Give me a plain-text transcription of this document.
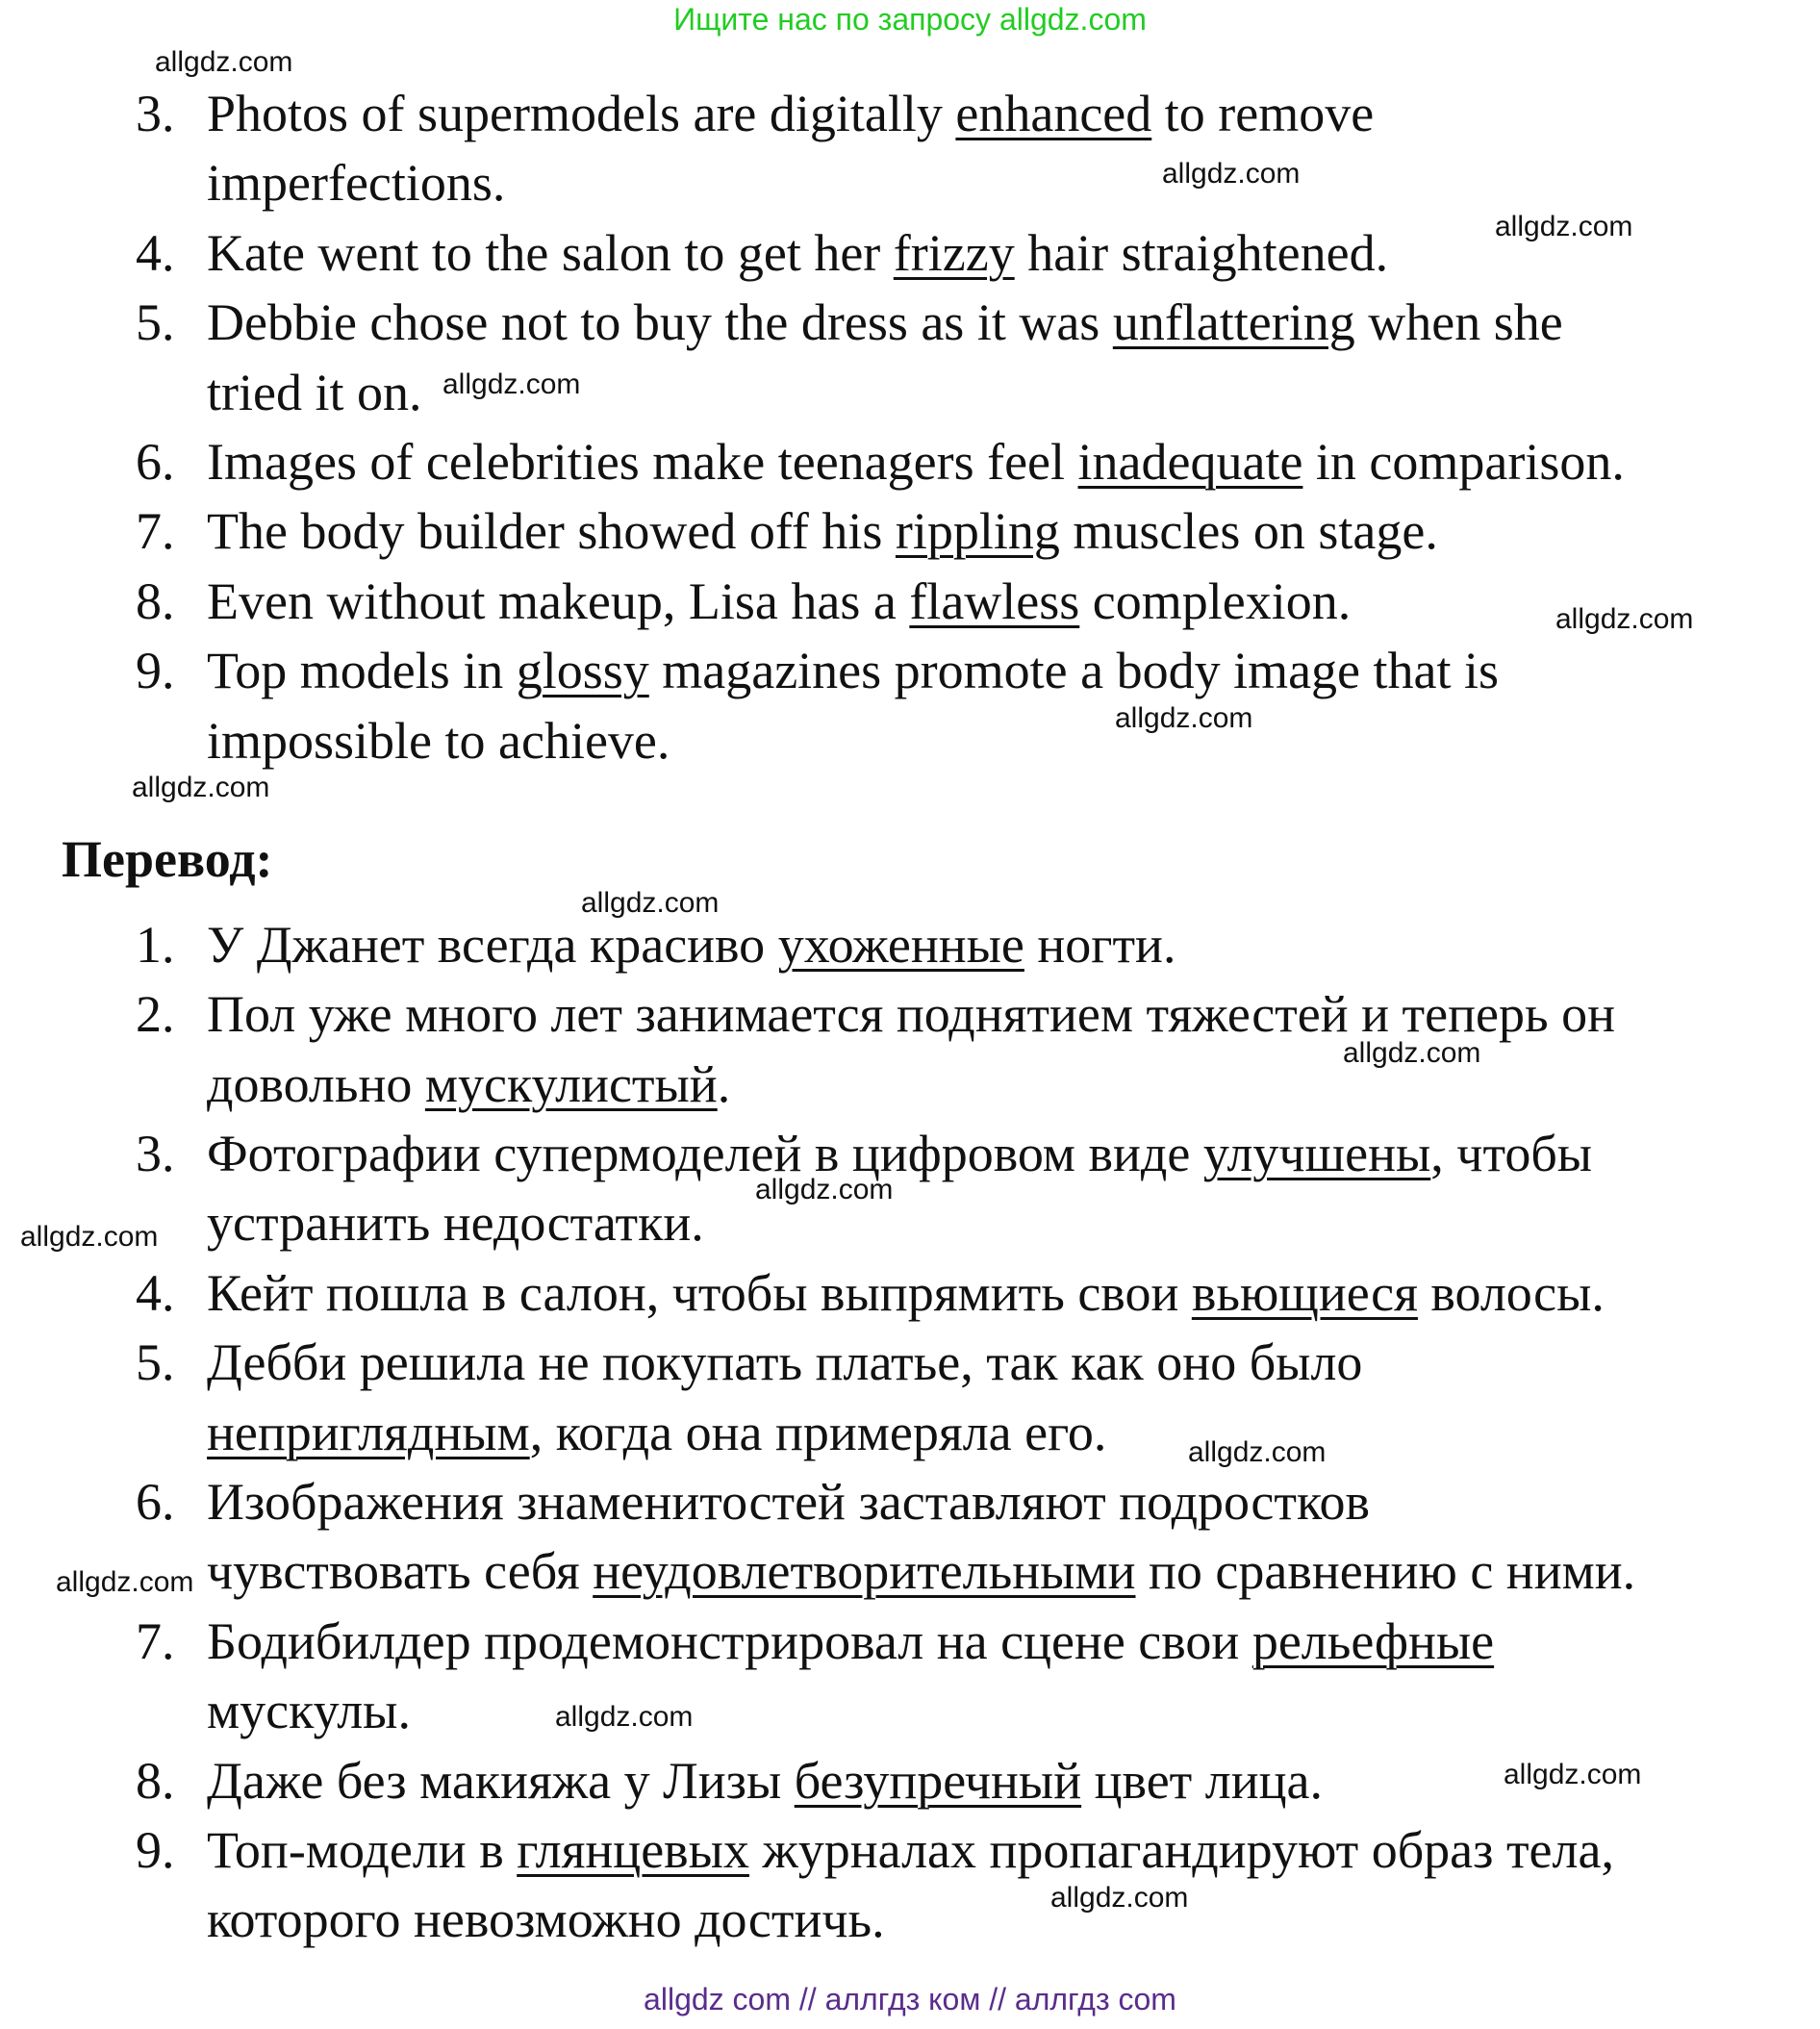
Ищите нас по запросу allgdz.com
3. Photos of supermodels are digitally enhanced to remove
imperfections.
4. Kate went to the salon to get her frizzy hair straightened.
5. Debbie chose not to buy the dress as it was unflattering when she
tried it on.
6. Images of celebrities make teenagers feel inadequate in comparison.
7. The body builder showed off his rippling muscles on stage.
8. Even without makeup, Lisa has a flawless complexion.
9. Top models in glossy magazines promote a body image that is
impossible to achieve.
Перевод:
1. У Джанет всегда красиво ухоженные ногти.
2. Пол уже много лет занимается поднятием тяжестей и теперь он
довольно мускулистый.
3. Фотографии супермоделей в цифровом виде улучшены, чтобы
устранить недостатки.
4. Кейт пошла в салон, чтобы выпрямить свои вьющиеся волосы.
5. Дебби решила не покупать платье, так как оно было
неприглядным, когда она примеряла его.
6. Изображения знаменитостей заставляют подростков
чувствовать себя неудовлетворительными по сравнению с ними.
7. Бодибилдер продемонстрировал на сцене свои рельефные
мускулы.
8. Даже без макияжа у Лизы безупречный цвет лица.
9. Топ-модели в глянцевых журналах пропагандируют образ тела,
которого невозможно достичь.
allgdz.com
allgdz.com
allgdz.com
allgdz.com
allgdz.com
allgdz.com
allgdz.com
allgdz.com
allgdz.com
allgdz.com
allgdz.com
allgdz.com
allgdz.com
allgdz.com
allgdz.com
allgdz.com
allgdz com // аллгдз ком // аллгдз com
